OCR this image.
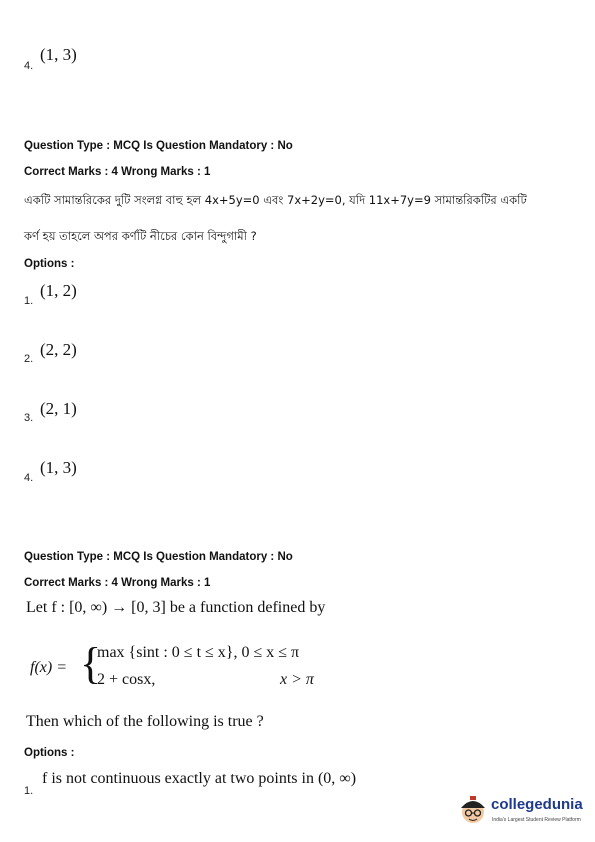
4.
(1, 3)
Question Type : MCQ Is Question Mandatory : No
Correct Marks : 4 Wrong Marks : 1
একটি সামান্তরিকের দুটি সংলগ্ন বাহু হল 4x+5y=0 এবং 7x+2y=0, যদি 11x+7y=9 সামান্তরিকটির একটি
কর্ণ হয় তাহলে অপর কর্ণটি নীচের কোন বিন্দুগামী ?
Options :
1.
(1, 2)
2. (2, 2)
3. (2, 1)
4.
(1, 3)
Question Type : MCQ Is Question Mandatory : No
Correct Marks : 4 Wrong Marks : 1
Let f : [0, ∞) → [0, 3] be a function defined by
f(x) = {
max {sint : 0 ≤ t ≤ x}, 0 ≤ x ≤ π
2 + cosx,	x > π
Then which of the following is true ?
Options :
1.
f is not continuous exactly at two points in (0, ∞)
collegedunia
India's Largest Student Review Platform
